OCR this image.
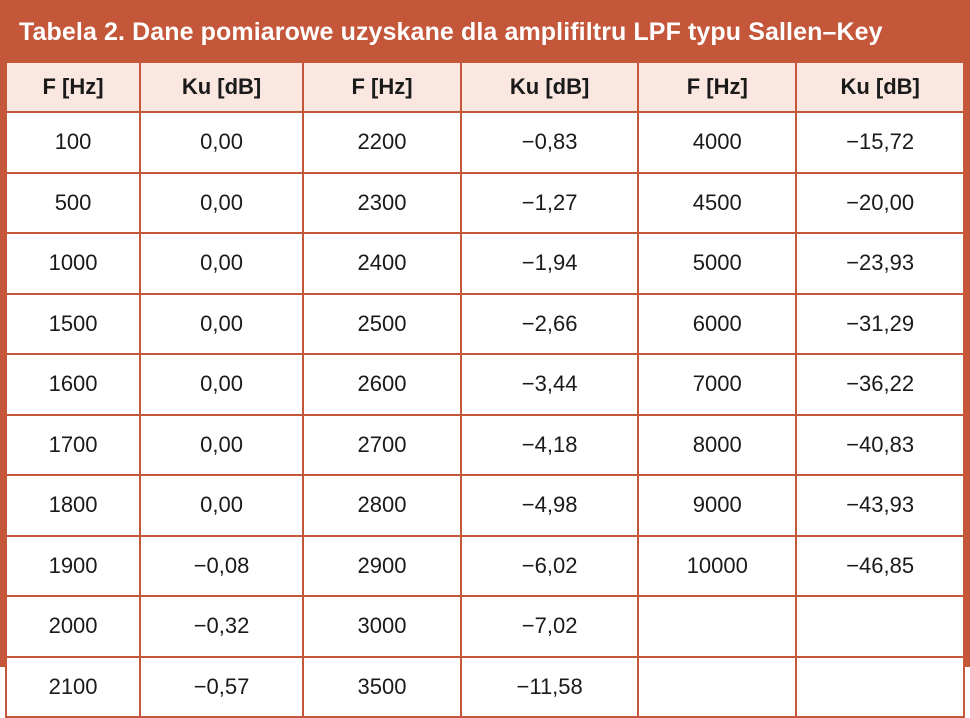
Tabela 2. Dane pomiarowe uzyskane dla amplifiltru LPF typu Sallen–Key
F [Hz]	Ku [dB]	F [Hz]	Ku [dB]	F [Hz]	Ku [dB]
100	0,00	2200	−0,83	4000	−15,72
500	0,00	2300	−1,27	4500	−20,00
1000	0,00	2400	−1,94	5000	−23,93
1500	0,00	2500	−2,66	6000	−31,29
1600	0,00	2600	−3,44	7000	−36,22
1700	0,00	2700	−4,18	8000	−40,83
1800	0,00	2800	−4,98	9000	−43,93
1900	−0,08	2900	−6,02	10000	−46,85
2000	−0,32	3000	−7,02		
2100	−0,57	3500	−11,58		
